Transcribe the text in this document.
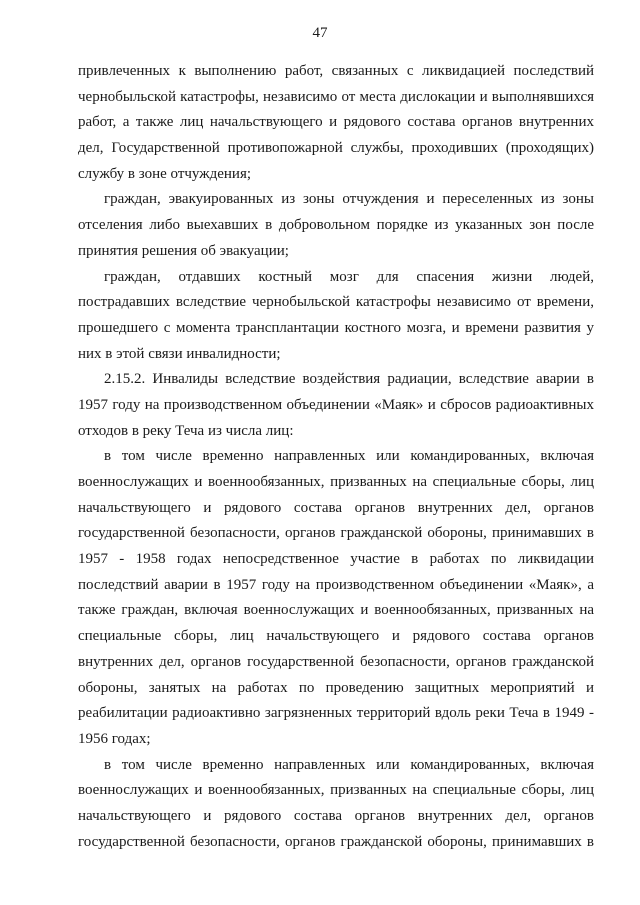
47
привлеченных к выполнению работ, связанных с ликвидацией последствий
чернобыльской катастрофы, независимо от места дислокации и выполнявшихся
работ, а также лиц начальствующего и рядового состава органов внутренних
дел, Государственной противопожарной службы, проходивших (проходящих)
службу в зоне отчуждения;
граждан, эвакуированных из зоны отчуждения и переселенных из зоны
отселения либо выехавших в добровольном порядке из указанных зон после
принятия решения об эвакуации;
граждан, отдавших костный мозг для спасения жизни людей,
пострадавших вследствие чернобыльской катастрофы независимо от времени,
прошедшего с момента трансплантации костного мозга, и времени развития у
них в этой связи инвалидности;
2.15.2. Инвалиды вследствие воздействия радиации, вследствие аварии в
1957 году на производственном объединении «Маяк» и сбросов радиоактивных
отходов в реку Теча из числа лиц:
в том числе временно направленных или командированных, включая
военнослужащих и военнообязанных, призванных на специальные сборы, лиц
начальствующего и рядового состава органов внутренних дел, органов
государственной безопасности, органов гражданской обороны, принимавших в
1957 - 1958 годах непосредственное участие в работах по ликвидации
последствий аварии в 1957 году на производственном объединении «Маяк», а
также граждан, включая военнослужащих и военнообязанных, призванных на
специальные сборы, лиц начальствующего и рядового состава органов
внутренних дел, органов государственной безопасности, органов гражданской
обороны, занятых на работах по проведению защитных мероприятий и
реабилитации радиоактивно загрязненных территорий вдоль реки Теча в 1949 -
1956 годах;
в том числе временно направленных или командированных, включая
военнослужащих и военнообязанных, призванных на специальные сборы, лиц
начальствующего и рядового состава органов внутренних дел, органов
государственной безопасности, органов гражданской обороны, принимавших в
